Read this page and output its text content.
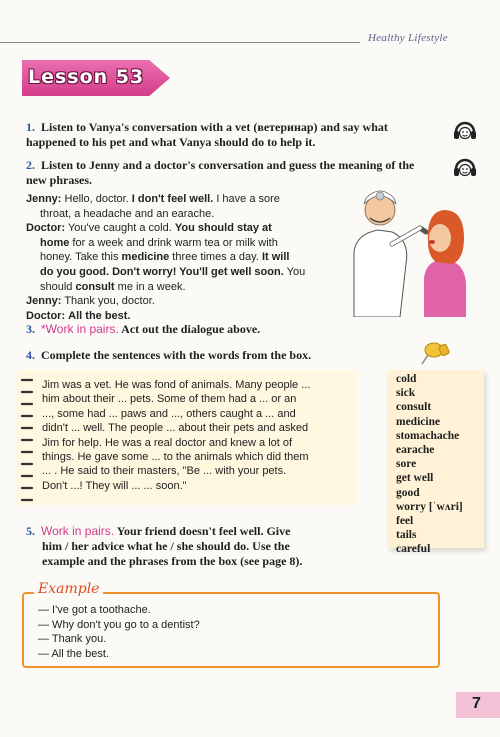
Healthy Lifestyle
Lesson 53
1. Listen to Vanya's conversation with a vet (ветеринар) and say what happened to his pet and what Vanya should do to help it.
2. Listen to Jenny and a doctor's conversation and guess the meaning of the new phrases.
Jenny: Hello, doctor. I don't feel well. I have a sore
throat, a headache and an earache.
Doctor: You've caught a cold. You should stay at
home for a week and drink warm tea or milk with
honey. Take this medicine three times a day. It will
do you good. Don't worry! You'll get well soon. You
should consult me in a week.
Jenny: Thank you, doctor.
Doctor: All the best.
3. *Work in pairs. Act out the dialogue above.
4. Complete the sentences with the words from the box.
Jim was a vet. He was fond of animals. Many people ...
him about their ... pets. Some of them had a ... or an
..., some had ... paws and ..., others caught a ... and
didn't ... well. The people ... about their pets and asked
Jim for help. He was a real doctor and knew a lot of
things. He gave some ... to the animals which did them
... . He said to their masters, "Be ... with your pets.
Don't ...! They will ... ... soon."
cold
sick
consult
medicine
stomachache
earache
sore
get well
good
worry [ˈwʌri]
feel
tails
careful
5. Work in pairs. Your friend doesn't feel well. Give
him / her advice what he / she should do. Use the
example and the phrases from the box (see page 8).
Example
— I've got a toothache.
— Why don't you go to a dentist?
— Thank you.
— All the best.
7
